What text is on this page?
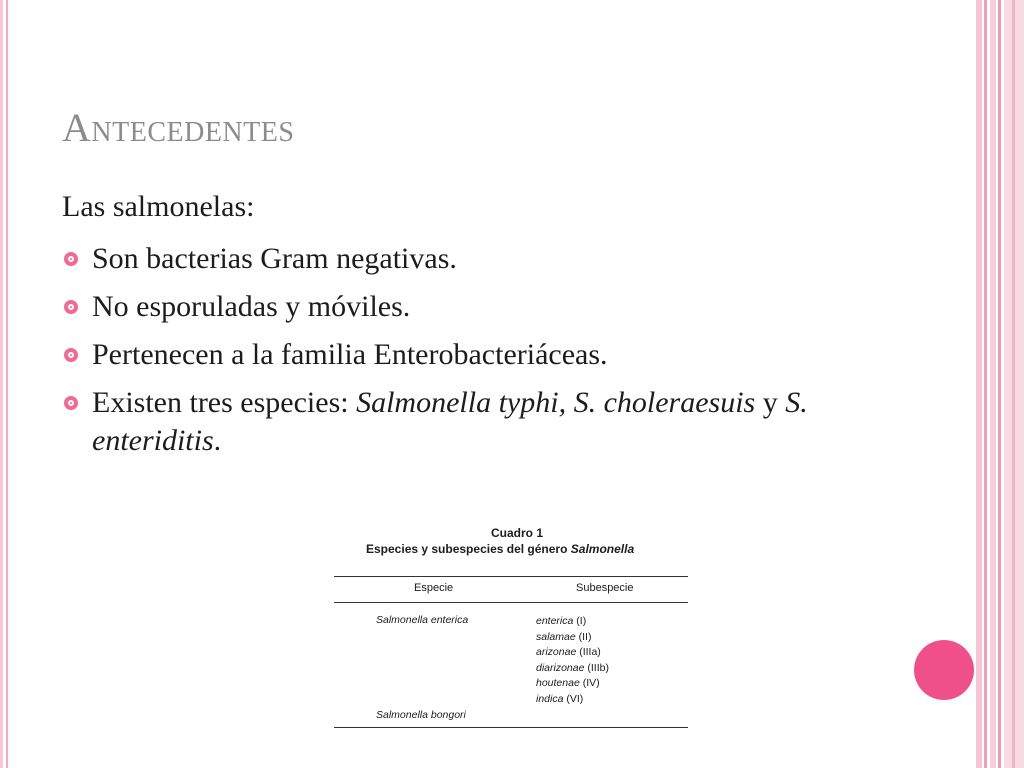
Antecedentes
Las salmonelas:
Son bacterias Gram negativas.
No esporuladas y móviles.
Pertenecen a la familia Enterobacteriáceas.
Existen tres especies: Salmonella typhi, S. choleraesuis y S. enteriditis.
Cuadro 1
Especies y subespecies del género Salmonella
Especie	Subespecie
Salmonella enterica	enterica (I)
salamae (II)
arizonae (IIIa)
diarizonae (IIIb)
houtenae (IV)
indica (VI)
Salmonella bongori
